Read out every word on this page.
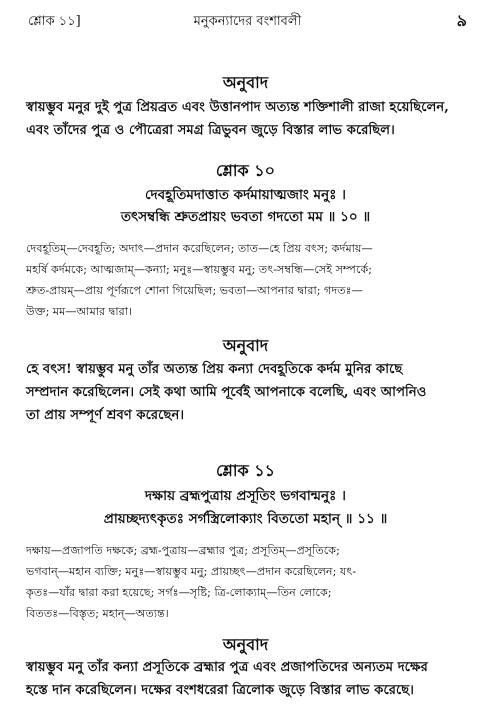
শ্লোক ১১]	মনুকন্যাদের বংশাবলী	৯
অনুবাদ
স্বায়ম্ভুব মনুর দুই পুত্র প্রিয়ব্রত এবং উত্তানপাদ অত্যন্ত শক্তিশালী রাজা হয়েছিলেন,
এবং তাঁদের পুত্র ও পৌত্রেরা সমগ্র ত্রিভুবন জুড়ে বিস্তার লাভ করেছিল।
শ্লোক ১০
দেবহূতিমদাত্তাত কর্দমায়াত্মজাং মনুঃ ।
তৎসম্বন্ধি শ্রুতপ্রায়ং ভবতা গদতো মম ॥ ১০ ॥
দেবহূতিম্—দেবহূতি; অদাৎ—প্রদান করেছিলেন; তাত—হে প্রিয় বৎস; কর্দমায়—
মহর্ষি কর্দমকে; আত্মজাম্—কন্যা; মনুঃ—স্বায়ম্ভুব মনু; তৎ-সম্বন্ধি—সেই সম্পর্কে;
শ্রুত-প্রায়ম্—প্রায় পূর্ণরূপে শোনা গিয়েছিল; ভবতা—আপনার দ্বারা; গদতঃ—
উক্ত; মম—আমার দ্বারা।
অনুবাদ
হে বৎস! স্বায়ম্ভুব মনু তাঁর অত্যন্ত প্রিয় কন্যা দেবহূতিকে কর্দম মুনির কাছে
সম্প্রদান করেছিলেন। সেই কথা আমি পূর্বেই আপনাকে বলেছি, এবং আপনিও
তা প্রায় সম্পূর্ণ শ্রবণ করেছেন।
শ্লোক ১১
দক্ষায় ব্রহ্মপুত্রায় প্রসূতিং ভগবান্মনুঃ ।
প্রায়চ্ছদ্যৎকৃতঃ সর্গস্ত্রিলোক্যাং বিততো মহান্ ॥ ১১ ॥
দক্ষায়—প্রজাপতি দক্ষকে; ব্রহ্ম-পুত্রায়—ব্রহ্মার পুত্র; প্রসূতিম্—প্রসূতিকে;
ভগবান্—মহান ব্যক্তি; মনুঃ—স্বায়ম্ভুব মনু; প্রায়চ্ছৎ—প্রদান করেছিলেন; যৎ-
কৃতঃ—যাঁর দ্বারা করা হয়েছে; সর্গঃ—সৃষ্টি; ত্রি-লোক্যাম্—তিন লোকে;
বিততঃ—বিস্তৃত; মহান্—অত্যন্ত।
অনুবাদ
স্বায়ম্ভুব মনু তাঁর কন্যা প্রসূতিকে ব্রহ্মার পুত্র এবং প্রজাপতিদের অন্যতম দক্ষের
হস্তে দান করেছিলেন। দক্ষের বংশধরেরা ত্রিলোক জুড়ে বিস্তার লাভ করেছে।
